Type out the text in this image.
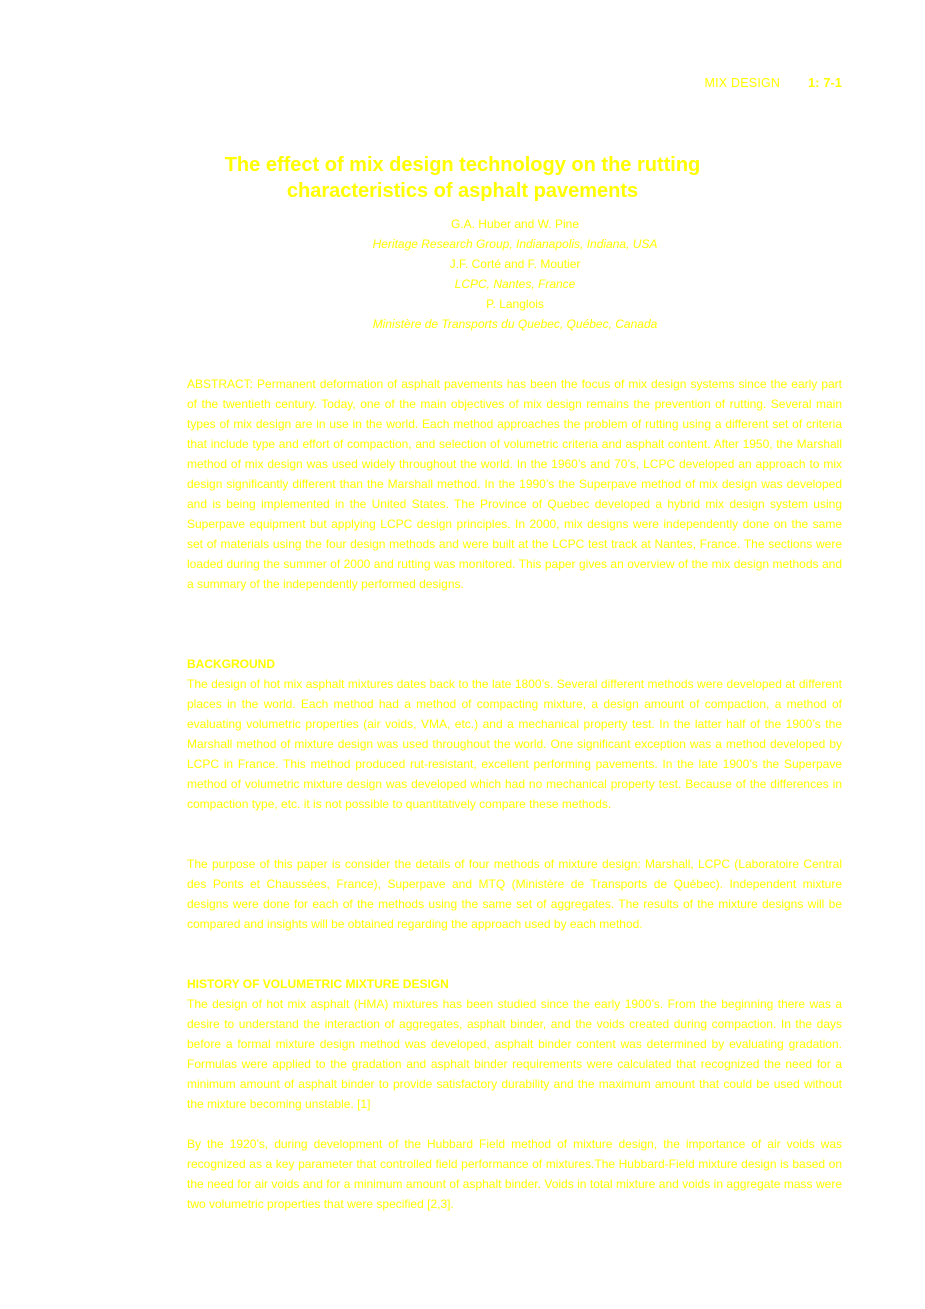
MIX DESIGN 1: 7-1
The effect of mix design technology on the rutting
characteristics of asphalt pavements
G.A. Huber and W. Pine
Heritage Research Group, Indianapolis, Indiana, USA
J.F. Corté and F. Moutier
LCPC, Nantes, France
P. Langlois
Ministère de Transports du Quebec, Québec, Canada

ABSTRACT: Permanent deformation of asphalt pavements has been the focus of mix design systems since the early part of the twentieth century. Today, one of the main objectives of mix design remains the prevention of rutting. Several main types of mix design are in use in the world. Each method approaches the problem of rutting using a different set of criteria that include type and effort of compaction, and selection of volumetric criteria and asphalt content. After 1950, the Marshall method of mix design was used widely throughout the world. In the 1960’s and 70’s, LCPC developed an approach to mix design significantly different than the Marshall method. In the 1990’s the Superpave method of mix design was developed and is being implemented in the United States. The Province of Quebec developed a hybrid mix design system using Superpave equipment but applying LCPC design principles. In 2000, mix designs were independently done on the same set of materials using the four design methods and were built at the LCPC test track at Nantes, France. The sections were loaded during the summer of 2000 and rutting was monitored. This paper gives an overview of the mix design methods and a summary of the independently performed designs.

BACKGROUND

The design of hot mix asphalt mixtures dates back to the late 1800’s. Several different methods were developed at different places in the world. Each method had a method of compacting mixture, a design amount of compaction, a method of evaluating volumetric properties (air voids, VMA, etc.) and a mechanical property test. In the latter half of the 1900’s the Marshall method of mixture design was used throughout the world. One significant exception was a method developed by LCPC in France. This method produced rut-resistant, excellent performing pavements. In the late 1900’s the Superpave method of volumetric mixture design was developed which had no mechanical property test. Because of the differences in compaction type, etc. it is not possible to quantitatively compare these methods.

The purpose of this paper is consider the details of four methods of mixture design: Marshall, LCPC (Laboratoire Central des Ponts et Chaussées, France), Superpave and MTQ (Ministère de Transports de Québec). Independent mixture designs were done for each of the methods using the same set of aggregates. The results of the mixture designs will be compared and insights will be obtained regarding the approach used by each method.

HISTORY OF VOLUMETRIC MIXTURE DESIGN

The design of hot mix asphalt (HMA) mixtures has been studied since the early 1900’s. From the beginning there was a desire to understand the interaction of aggregates, asphalt binder, and the voids created during compaction. In the days before a formal mixture design method was developed, asphalt binder content was determined by evaluating gradation. Formulas were applied to the gradation and asphalt binder requirements were calculated that recognized the need for a minimum amount of asphalt binder to provide satisfactory durability and the maximum amount that could be used without the mixture becoming unstable. [1]

By the 1920’s, during development of the Hubbard Field method of mixture design, the importance of air voids was recognized as a key parameter that controlled field performance of mixtures.The Hubbard-Field mixture design is based on the need for air voids and for a minimum amount of asphalt binder. Voids in total mixture and voids in aggregate mass were two volumetric properties that were specified [2,3].
